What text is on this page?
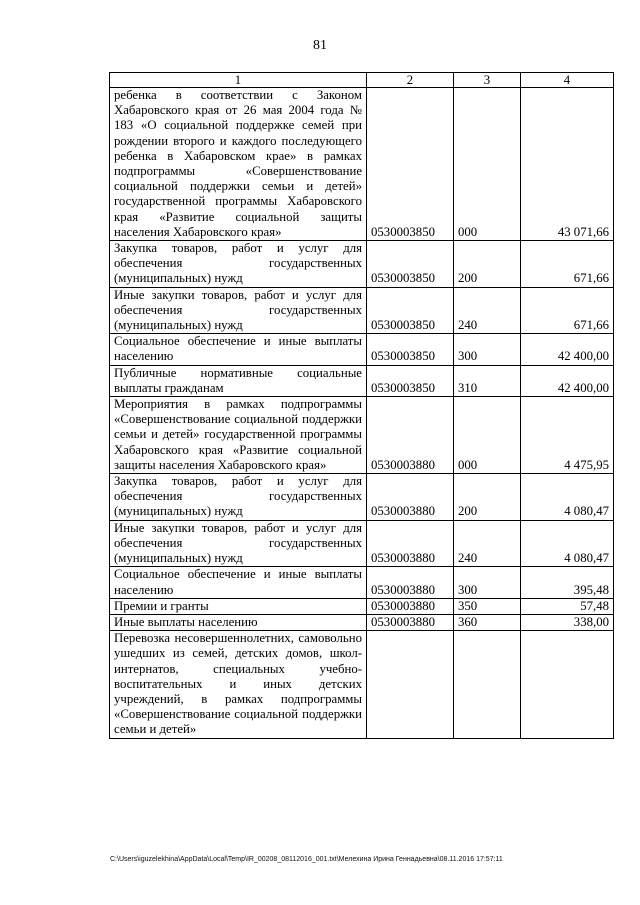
81
1	2	3	4
ребенка в соответствии с Законом Хабаровского края от 26 мая 2004 года № 183 «О социальной поддержке семей при рождении второго и каждого последующего ребенка в Хабаровском крае» в рамках подпрограммы «Совершенствование социальной поддержки семьи и детей» государственной программы Хабаровского края «Развитие социальной защиты населения Хабаровского края»	0530003850	000	43 071,66
Закупка товаров, работ и услуг для обеспечения государственных (муниципальных) нужд	0530003850	200	671,66
Иные закупки товаров, работ и услуг для обеспечения государственных (муниципальных) нужд	0530003850	240	671,66
Социальное обеспечение и иные выплаты населению	0530003850	300	42 400,00
Публичные нормативные социальные выплаты гражданам	0530003850	310	42 400,00
Мероприятия в рамках подпрограммы «Совершенствование социальной поддержки семьи и детей» государственной программы Хабаровского края «Развитие социальной защиты населения Хабаровского края»	0530003880	000	4 475,95
Закупка товаров, работ и услуг для обеспечения государственных (муниципальных) нужд	0530003880	200	4 080,47
Иные закупки товаров, работ и услуг для обеспечения государственных (муниципальных) нужд	0530003880	240	4 080,47
Социальное обеспечение и иные выплаты населению	0530003880	300	395,48
Премии и гранты	0530003880	350	57,48
Иные выплаты населению	0530003880	360	338,00
Перевозка несовершеннолетних, самовольно ушедших из семей, детских домов, школ-интернатов, специальных учебно-воспитательных и иных детских учреждений, в рамках подпрограммы «Совершенствование социальной поддержки семьи и детей»			
C:\Users\iguzelekhina\AppData\Local\Temp\IR_00208_08112016_001.txt\Мелехина Ирина Геннадьевна\08.11.2016 17:57:11
